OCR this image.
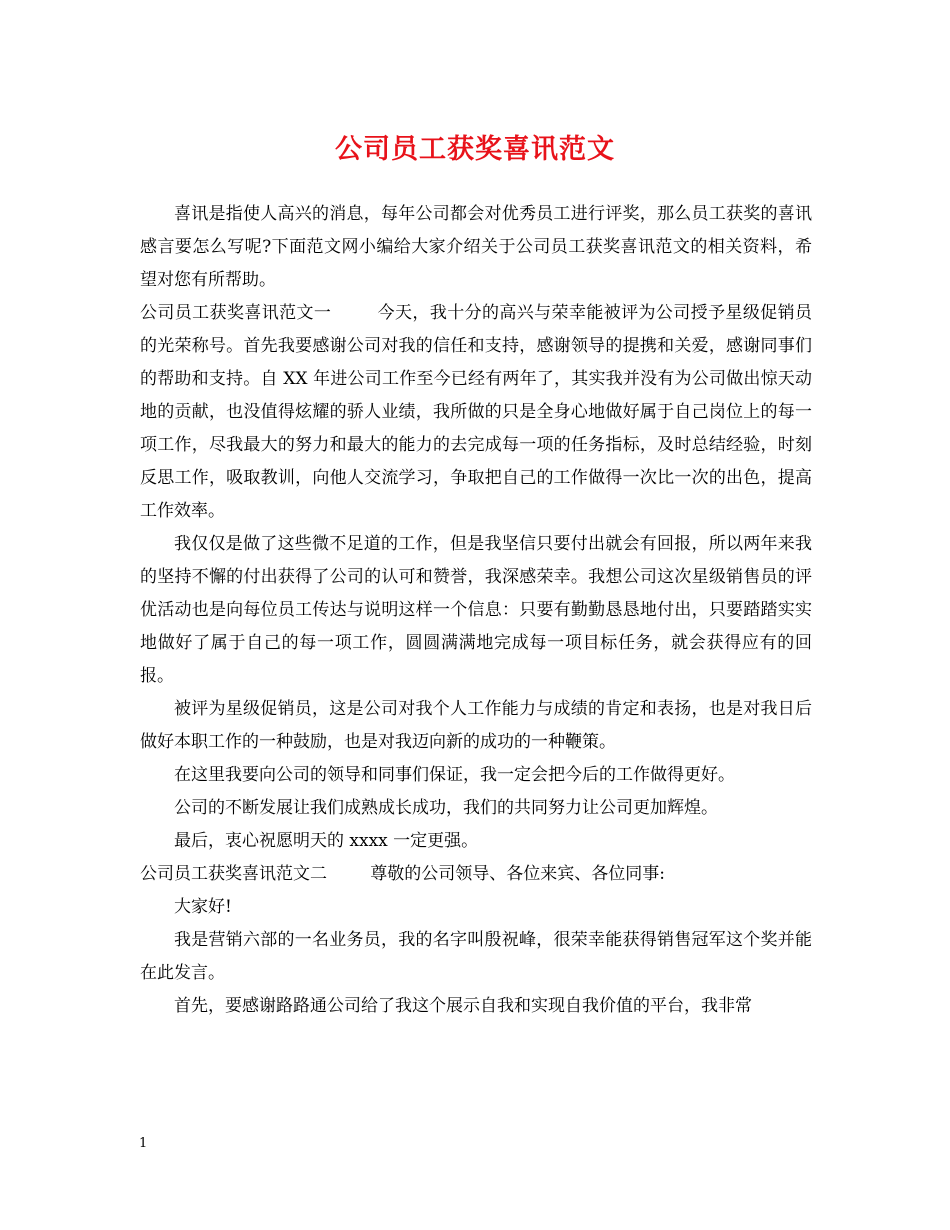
公司员工获奖喜讯范文

喜讯是指使人高兴的消息，每年公司都会对优秀员工进行评奖，那么员工获奖的喜讯感言要怎么写呢?下面范文网小编给大家介绍关于公司员工获奖喜讯范文的相关资料，希望对您有所帮助。

公司员工获奖喜讯范文一	今天，我十分的高兴与荣幸能被评为公司授予星级促销员的光荣称号。首先我要感谢公司对我的信任和支持，感谢领导的提携和关爱，感谢同事们的帮助和支持。自 XX 年进公司工作至今已经有两年了，其实我并没有为公司做出惊天动地的贡献，也没值得炫耀的骄人业绩，我所做的只是全身心地做好属于自己岗位上的每一项工作，尽我最大的努力和最大的能力的去完成每一项的任务指标，及时总结经验，时刻反思工作，吸取教训，向他人交流学习，争取把自己的工作做得一次比一次的出色，提高工作效率。

我仅仅是做了这些微不足道的工作，但是我坚信只要付出就会有回报，所以两年来我的坚持不懈的付出获得了公司的认可和赞誉，我深感荣幸。我想公司这次星级销售员的评优活动也是向每位员工传达与说明这样一个信息：只要有勤勤恳恳地付出，只要踏踏实实地做好了属于自己的每一项工作，圆圆满满地完成每一项目标任务，就会获得应有的回报。

被评为星级促销员，这是公司对我个人工作能力与成绩的肯定和表扬，也是对我日后做好本职工作的一种鼓励，也是对我迈向新的成功的一种鞭策。

在这里我要向公司的领导和同事们保证，我一定会把今后的工作做得更好。

公司的不断发展让我们成熟成长成功，我们的共同努力让公司更加辉煌。

最后，衷心祝愿明天的 xxxx 一定更强。

公司员工获奖喜讯范文二	尊敬的公司领导、各位来宾、各位同事:

大家好!

我是营销六部的一名业务员，我的名字叫殷祝峰，很荣幸能获得销售冠军这个奖并能在此发言。

首先，要感谢路路通公司给了我这个展示自我和实现自我价值的平台，我非常

1
